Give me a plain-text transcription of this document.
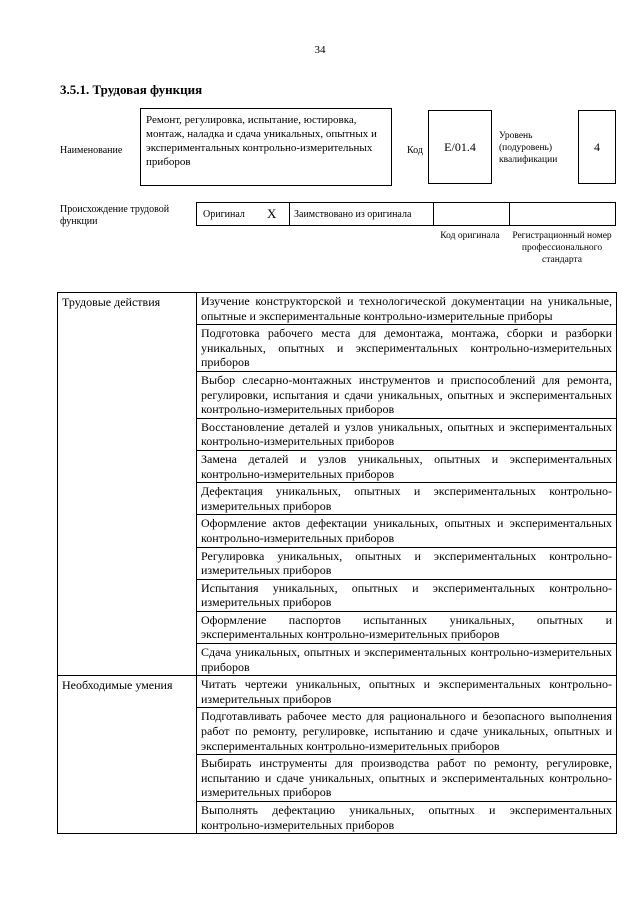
34
3.5.1. Трудовая функция
Наименование
Ремонт, регулировка, испытание, юстировка, монтаж, наладка и сдача уникальных, опытных и экспериментальных контрольно-измерительных приборов
Код E/01.4
Уровень (подуровень) квалификации
4
Происхождение трудовой функции
Оригинал X	Заимствовано из оригинала
Код оригинала	Регистрационный номер профессионального стандарта
Трудовые действия	Изучение конструкторской и технологической документации на уникальные, опытные и экспериментальные контрольно-измерительные приборы
Подготовка рабочего места для демонтажа, монтажа, сборки и разборки уникальных, опытных и экспериментальных контрольно-измерительных приборов
Выбор слесарно-монтажных инструментов и приспособлений для ремонта, регулировки, испытания и сдачи уникальных, опытных и экспериментальных контрольно-измерительных приборов
Восстановление деталей и узлов уникальных, опытных и экспериментальных контрольно-измерительных приборов
Замена деталей и узлов уникальных, опытных и экспериментальных контрольно-измерительных приборов
Дефектация уникальных, опытных и экспериментальных контрольно-измерительных приборов
Оформление актов дефектации уникальных, опытных и экспериментальных контрольно-измерительных приборов
Регулировка уникальных, опытных и экспериментальных контрольно-измерительных приборов
Испытания уникальных, опытных и экспериментальных контрольно-измерительных приборов
Оформление паспортов испытанных уникальных, опытных и экспериментальных контрольно-измерительных приборов
Сдача уникальных, опытных и экспериментальных контрольно-измерительных приборов
Необходимые умения	Читать чертежи уникальных, опытных и экспериментальных контрольно-измерительных приборов
Подготавливать рабочее место для рационального и безопасного выполнения работ по ремонту, регулировке, испытанию и сдаче уникальных, опытных и экспериментальных контрольно-измерительных приборов
Выбирать инструменты для производства работ по ремонту, регулировке, испытанию и сдаче уникальных, опытных и экспериментальных контрольно-измерительных приборов
Выполнять дефектацию уникальных, опытных и экспериментальных контрольно-измерительных приборов
